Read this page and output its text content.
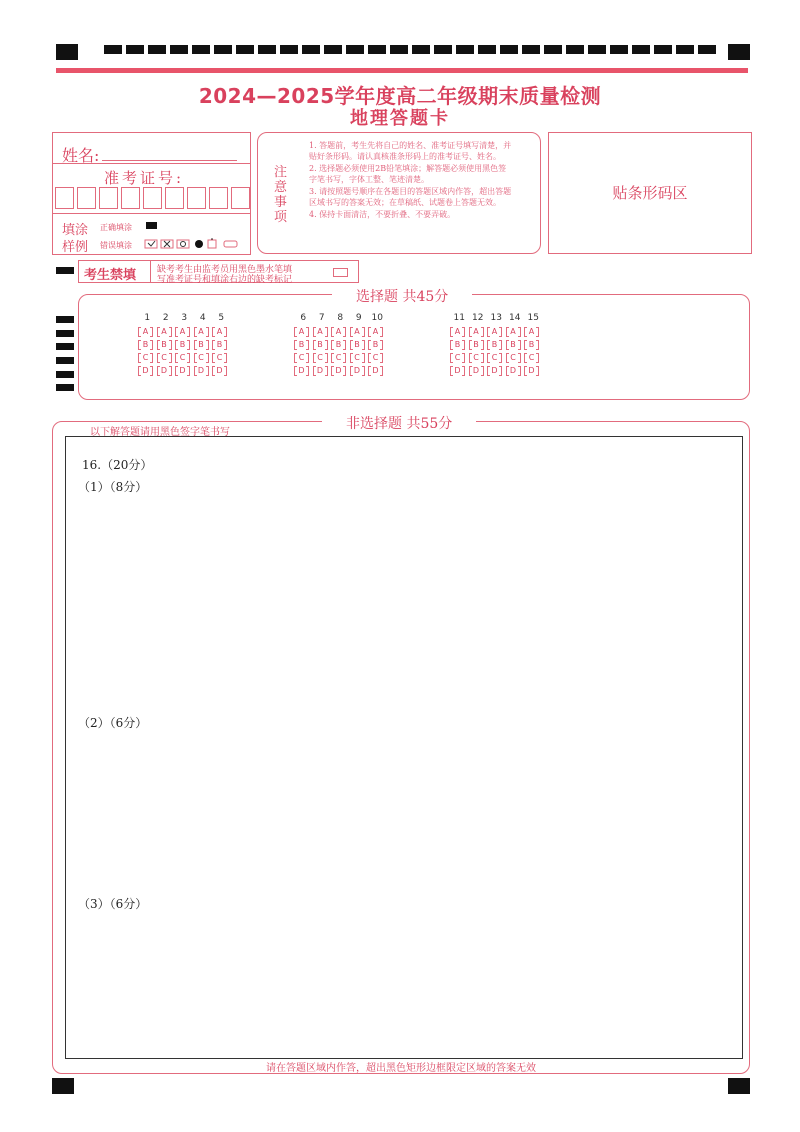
2024—2025学年度高二年级期末质量检测
地理答题卡
姓名:
准考证号:
填涂
样例
正确填涂
错误填涂
注
意
事
项
1. 答题前，考生先将自己的姓名、准考证号填写清楚，并贴好条形码。请认真核准条形码上的准考证号、姓名。
2. 选择题必须使用2B铅笔填涂；解答题必须使用黑色签字笔书写，字体工整、笔迹清楚。
3. 请按照题号顺序在各题目的答题区域内作答，超出答题区域书写的答案无效；在草稿纸、试题卷上答题无效。
4. 保持卡面清洁，不要折叠、不要弄破。
贴条形码区
考生禁填 缺考考生由监考员用黑色墨水笔填
写准考证号和填涂右边的缺考标记
选择题 共45分
1	2	3	4	5
A	A	A	A	A
B	B	B	B	B
C	C	C	C	C
D	D	D	D	D
6	7	8	9	10
A	A	A	A	A
B	B	B	B	B
C	C	C	C	C
D	D	D	D	D
11 12 13 14 15
A	A	A	A	A
B	B	B	B	B
C	C	C	C	C
D	D	D	D	D
非选择题 共55分
以下解答题请用黑色签字笔书写
16.（20分）
（1）（8分）
（2）（6分）
（3）（6分）
请在答题区域内作答，超出黑色矩形边框限定区域的答案无效
